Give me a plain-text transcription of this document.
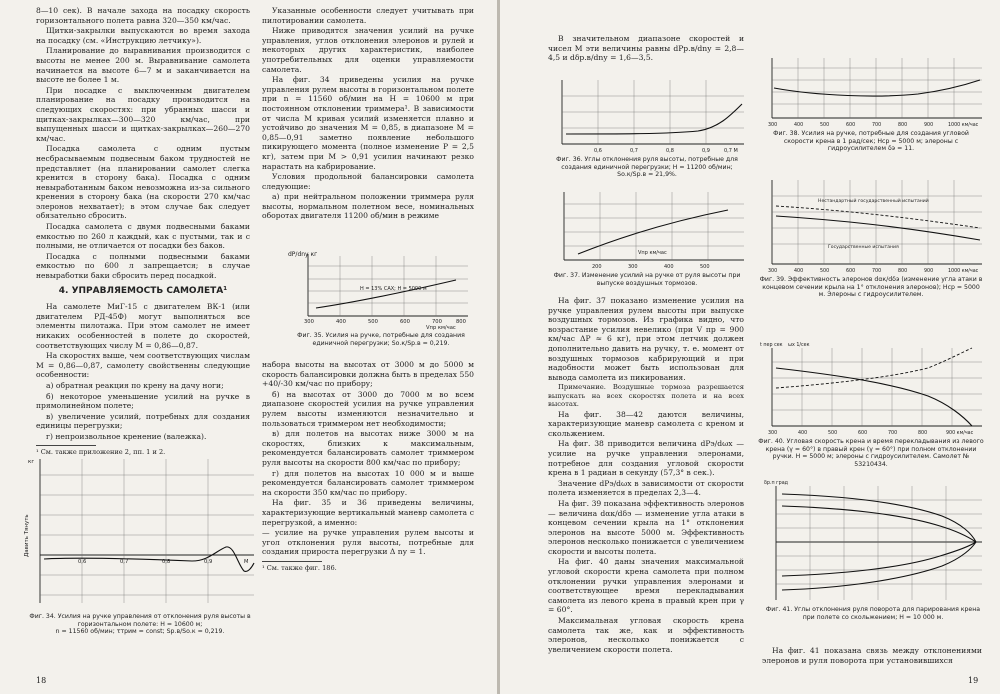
8—10 сек). В начале захода на посадку скорость горизонтального полета равна 320—350 км/час.

Щитки-закрылки выпускаются во время захода на посадку (см. «Инструкцию летчику»).

Планирование до выравнивания производится с высоты не менее 200 м. Выравнивание самолета начинается на высоте 6—7 м и заканчивается на высоте не более 1 м.

При посадке с выключенным двигателем планирование на посадку производится на следующих скоростях: при убранных шасси и щитках-закрылках—300—320 км/час, при выпущенных шасси и щитках-закрылках—260—270 км/час.

Посадка самолета с одним пустым несбрасываемым подвесным баком трудностей не представляет (на планировании самолет слегка кренится в сторону бака). Посадка с одним невыработанным баком невозможна из-за сильного кренения в сторону бака (на скорости 270 км/час элеронов нехватает); в этом случае бак следует обязательно сбросить.

Посадка самолета с двумя подвесными баками емкостью по 260 л каждый, как с пустыми, так и с полными, не отличается от посадки без баков.

Посадка с полными подвесными баками емкостью по 600 л запрещается; в случае невыработки баки сбросить перед посадкой.

4. УПРАВЛЯЕМОСТЬ САМОЛЕТА¹

На самолете МиГ-15 с двигателем ВК-1 (или двигателем РД-45Ф) могут выполняться все элементы пилотажа. При этом самолет не имеет никаких особенностей в полете до скоростей, соответствующих числу М = 0,86—0,87.

На скоростях выше, чем соответствующих числам М = 0,86—0,87, самолету свойственны следующие особенности:

а) обратная реакция по крену на дачу ноги;

б) некоторое уменьшение усилий на ручке в прямолинейном полете;

в) увеличение усилий, потребных для создания единицы перегрузки;

г) непроизвольное кренение (валежка).

¹ См. также приложение 2, пп. 1 и 2.

Указанные особенности следует учитывать при пилотировании самолета.

Ниже приводятся значения усилий на ручке управления, углов отклонения элеронов и рулей и некоторых других характеристик, наиболее употребительных для оценки управляемости самолета.

На фиг. 34 приведены усилия на ручке управления рулем высоты в горизонтальном полете при n = 11560 об/мин на H = 10600 м при постоянном отклонении триммера¹. В зависимости от числа М кривая усилий изменяется плавно и устойчиво до значения М = 0,85, в диапазоне М = 0,85—0,91 заметно появление небольшого пикирующего момента (полное изменение P = 2,5 кг), затем при М > 0,91 усилия начинают резко нарастать на кабрирование.

Условия продольной балансировки самолета следующие:

а) при нейтральном положении триммера руля высоты, нормальном полетном весе, номинальных оборотах двигателя 11200 об/мин в режиме

dP/dnу кг
Н = 13% САХ; Н = 5000 м
300	400	500	600	700	800
Vпр км/час
Фиг. 35. Усилия на ручке, потребные для создания единичной перегрузки; Sо.к/Sр.в = 0,219.

набора высоты на высотах от 3000 м до 5000 м скорость балансировки должна быть в пределах 550 +40/-30 км/час по прибору;

б) на высотах от 3000 до 7000 м во всем диапазоне скоростей усилия на ручке управления рулем высоты изменяются незначительно и пользоваться триммером нет необходимости;

в) для полетов на высотах ниже 3000 м на скоростях, близких к максимальным, рекомендуется балансировать самолет триммером руля высоты на скорости 800 км/час по прибору;

г) для полетов на высотах 10 000 м и выше рекомендуется балансировать самолет триммером на скорости 350 км/час по прибору.

На фиг. 35 и 36 приведены величины, характеризующие вертикальный маневр самолета с перегрузкой, а именно:

— усилие на ручке управления рулем высоты и угол отклонения руля высоты, потребные для создания прироста перегрузки Δ nу = 1.

¹ См. также фиг. 186.
Давить Тянуть
кг
0,6	0,7	0,8	0,9	М
Фиг. 34. Усилия на ручке управления от отклонения руля высоты в горизонтальном полете: H = 10600 м;
n = 11560 об/мин; τтрим = const; Sр.в/Sо.к = 0,219.
18

В значительном диапазоне скоростей и чисел М эти величины равны dPр.в/dnу = 2,8—4,5 и dδр.в/dnу = 1,6—3,5.

0,6	0,7	0,8	0,9	0,7 М
Фиг. 36. Углы отклонения руля высоты, потребные для создания единичной перегрузки; H = 11200 об/мин;
Sо.к/Sр.в = 21,9%.
200	300	400	500
Vпр км/час
Фиг. 37. Изменение усилий на ручке от руля высоты при выпуске воздушных тормозов.

На фиг. 37 показано изменение усилия на ручке управления рулем высоты при выпуске воздушных тормозов. Из графика видно, что возрастание усилия невелико (при V пр = 900 км/час ΔP ≈ 6 кг), при этом летчик должен дополнительно давить на ручку, т. е. момент от воздушных тормозов кабрирующий и при надобности может быть использован для вывода самолета из пикирования.

Примечание. Воздушные тормоза разрешается выпускать на всех скоростях полета и на всех высотах.

На фиг. 38—42 даются величины, характеризующие маневр самолета с креном и скольжением.

На фиг. 38 приводится величина dPэ/dωx — усилие на ручке управления элеронами, потребное для создания угловой скорости крена в 1 радиан в секунду (57,3° в сек.).

Значение dPэ/dωx в зависимости от скорости полета изменяется в пределах 2,3—4.

На фиг. 39 показана эффективность элеронов — величина dαк/dδэ — изменение угла атаки в концевом сечении крыла на 1° отклонения элеронов на высоте 5000 м. Эффективность элеронов несколько понижается с увеличением скорости и высоты полета.

На фиг. 40 даны значения максимальной угловой скорости крена самолета при полном отклонении ручки управления элеронами и соответствующее время перекладывания самолета из левого крена в правый крен при γ = 60°.

Максимальная угловая скорость крена самолета так же, как и эффективность элеронов, несколько понижается с увеличением скорости полета.

300	400	500	600	700	800	900	1000 км/час
Фиг. 38. Усилия на ручке, потребные для создания угловой скорости крена в 1 рад/сек; Hср = 5000 м; элероны с гидроусилителем δэ = 11.
Нестандартный государственный испытаний
Государственные испытания
300	400	500	600	700	800	900	1000 км/час
Фиг. 39. Эффективность элеронов dαк/dδэ (изменение угла атаки в концевом сечении крыла на 1° отклонения элеронов); Hср = 5000 м. Элероны с гидроусилителем.
t пер сек ωx 1/сек
300	400	500	600	700	800	900 км/час
Фиг. 40. Угловая скорость крена и время перекладывания из левого крена (γ = 60°) в правый крен (γ = 60°) при полном отклонении ручки. H = 5000 м; элероны с гидроусилителем. Самолет № 53210434.
δр.п град
Фиг. 41. Углы отклонения руля поворота для парирования крена при полете со скольжением; H = 10 000 м.

На фиг. 41 показана связь между отклонениями элеронов и руля поворота при установившихся

19
